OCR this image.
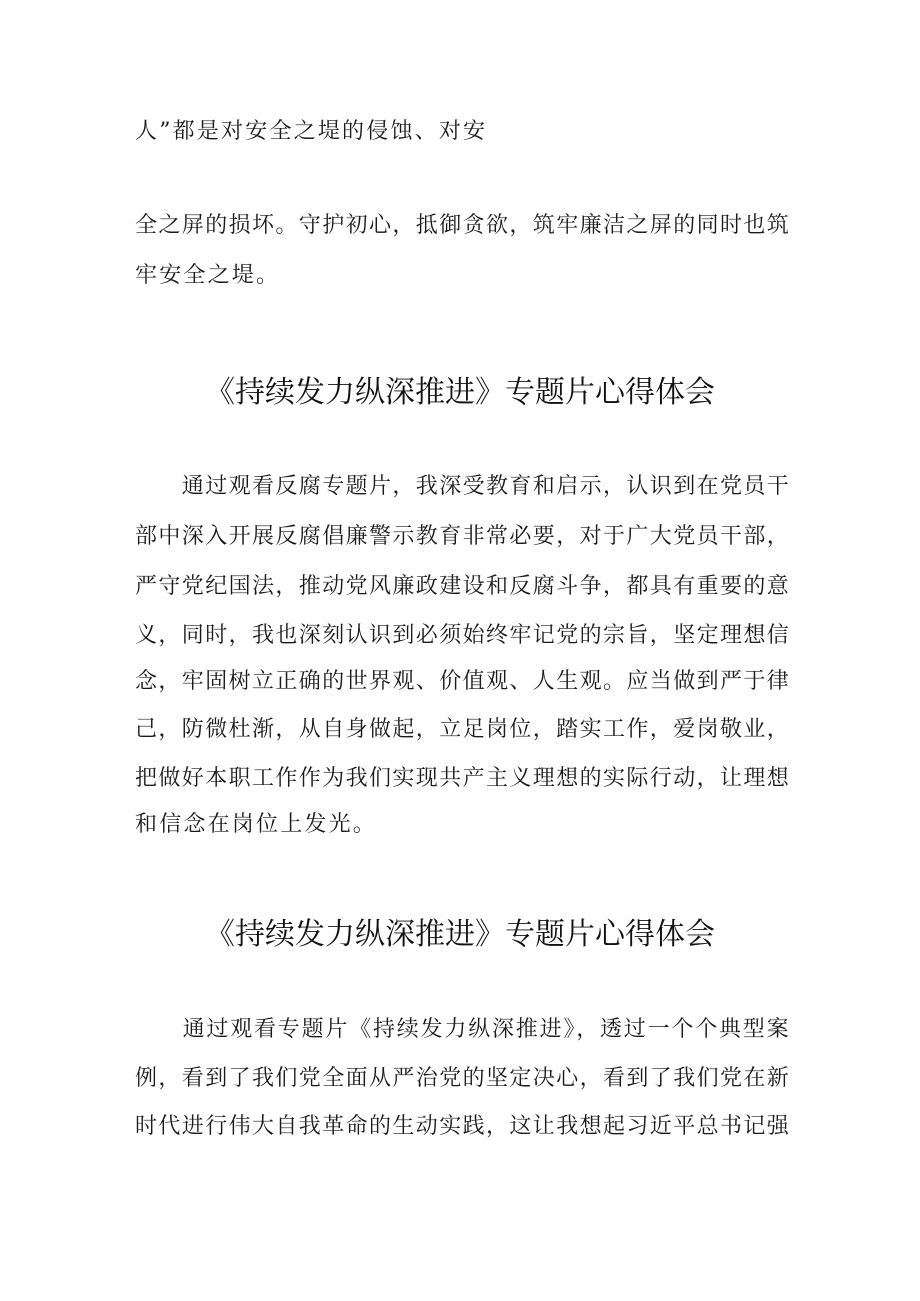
人”都是对安全之堤的侵蚀、对安
全之屏的损坏。守护初心，抵御贪欲，筑牢廉洁之屏的同时也筑
牢安全之堤。
《持续发力纵深推进》专题片心得体会
　　通过观看反腐专题片，我深受教育和启示，认识到在党员干
部中深入开展反腐倡廉警示教育非常必要，对于广大党员干部，
严守党纪国法，推动党风廉政建设和反腐斗争，都具有重要的意
义，同时，我也深刻认识到必须始终牢记党的宗旨，坚定理想信
念，牢固树立正确的世界观、价值观、人生观。应当做到严于律
己，防微杜渐，从自身做起，立足岗位，踏实工作，爱岗敬业，
把做好本职工作作为我们实现共产主义理想的实际行动，让理想
和信念在岗位上发光。
《持续发力纵深推进》专题片心得体会
　　通过观看专题片《持续发力纵深推进》，透过一个个典型案
例，看到了我们党全面从严治党的坚定决心，看到了我们党在新
时代进行伟大自我革命的生动实践，这让我想起习近平总书记强
